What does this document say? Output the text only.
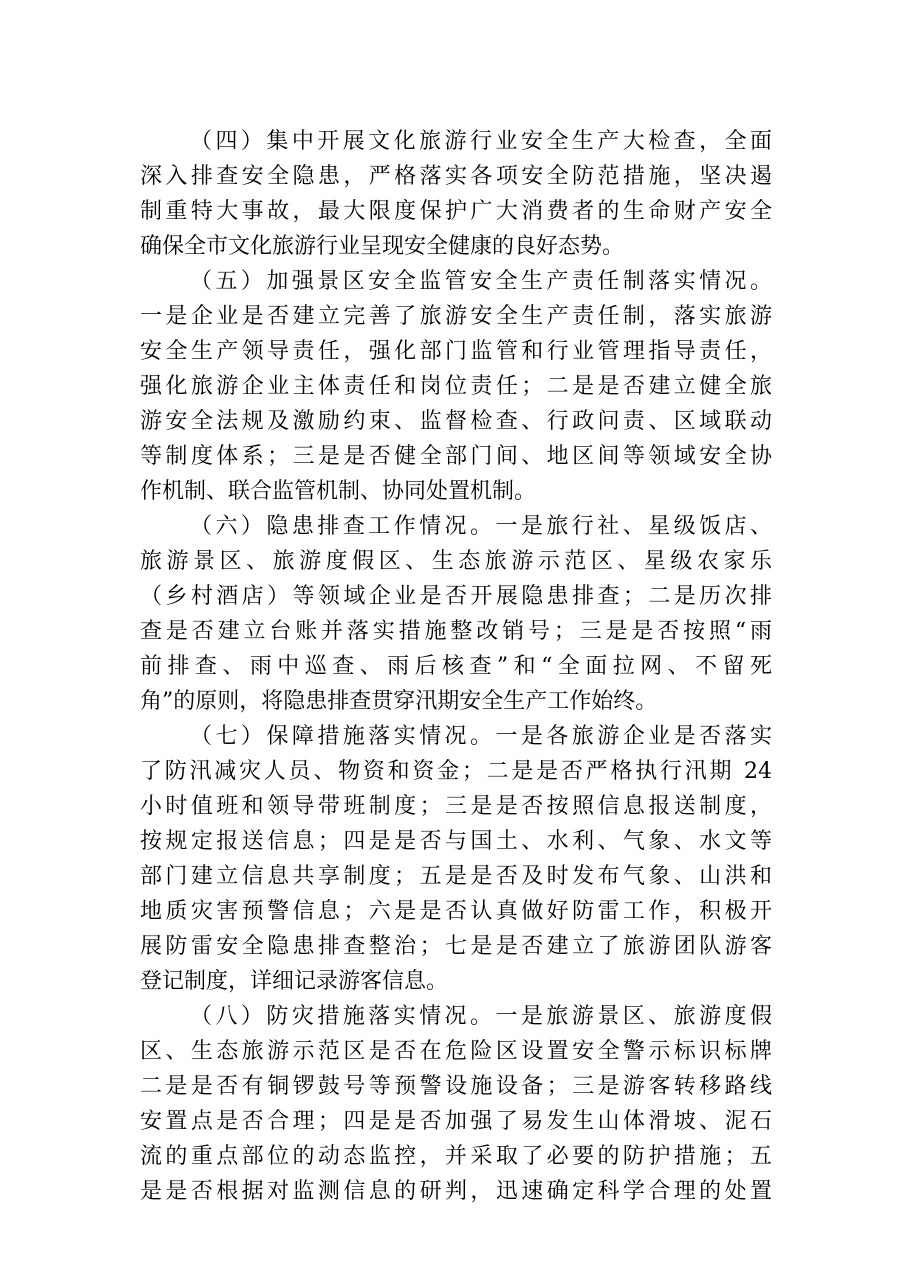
（四）集中开展文化旅游行业安全生产大检查，全面
深入排查安全隐患，严格落实各项安全防范措施，坚决遏
制重特大事故，最大限度保护广大消费者的生命财产安全
确保全市文化旅游行业呈现安全健康的良好态势。

（五）加强景区安全监管安全生产责任制落实情况。
一是企业是否建立完善了旅游安全生产责任制，落实旅游
安全生产领导责任，强化部门监管和行业管理指导责任，
强化旅游企业主体责任和岗位责任；二是是否建立健全旅
游安全法规及激励约束、监督检查、行政问责、区域联动
等制度体系；三是是否健全部门间、地区间等领域安全协
作机制、联合监管机制、协同处置机制。

（六）隐患排查工作情况。一是旅行社、星级饭店、
旅游景区、旅游度假区、生态旅游示范区、星级农家乐
（乡村酒店）等领域企业是否开展隐患排查；二是历次排
查是否建立台账并落实措施整改销号；三是是否按照“雨
前排查、雨中巡查、雨后核查”和“全面拉网、不留死
角”的原则，将隐患排查贯穿汛期安全生产工作始终。

（七）保障措施落实情况。一是各旅游企业是否落实
了防汛减灾人员、物资和资金；二是是否严格执行汛期 24
小时值班和领导带班制度；三是是否按照信息报送制度，
按规定报送信息；四是是否与国土、水利、气象、水文等
部门建立信息共享制度；五是是否及时发布气象、山洪和
地质灾害预警信息；六是是否认真做好防雷工作，积极开
展防雷安全隐患排查整治；七是是否建立了旅游团队游客
登记制度，详细记录游客信息。

（八）防灾措施落实情况。一是旅游景区、旅游度假
区、生态旅游示范区是否在危险区设置安全警示标识标牌
二是是否有铜锣鼓号等预警设施设备；三是游客转移路线
安置点是否合理；四是是否加强了易发生山体滑坡、泥石
流的重点部位的动态监控，并采取了必要的防护措施；五
是是否根据对监测信息的研判，迅速确定科学合理的处置
